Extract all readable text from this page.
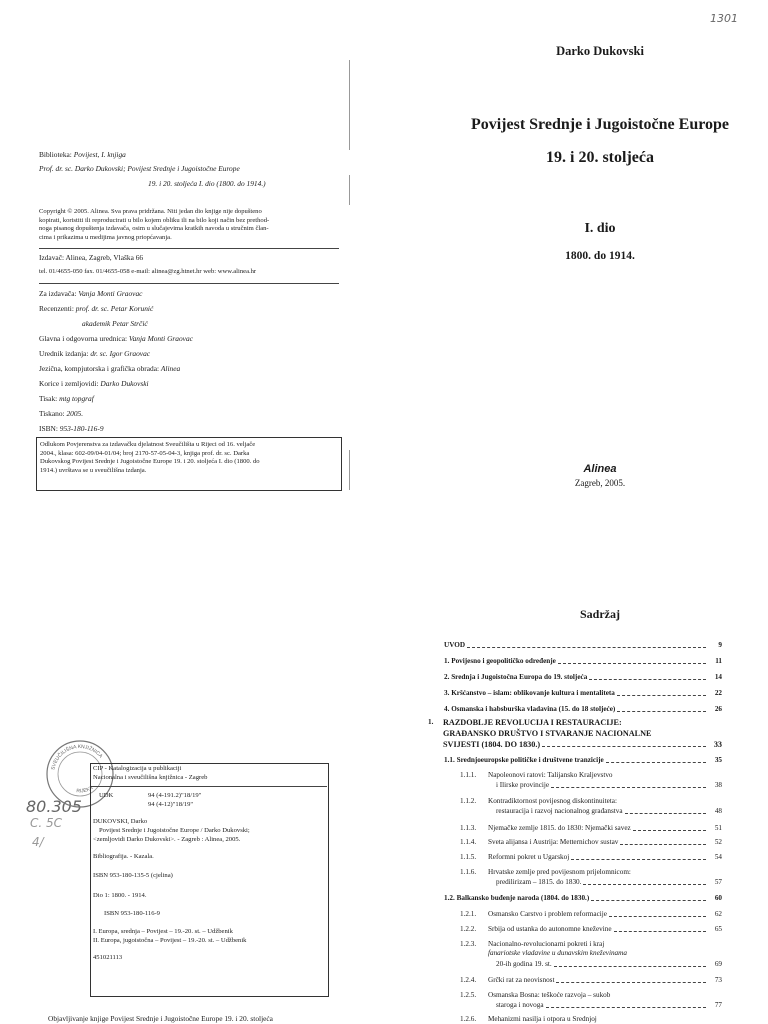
1301
80.305
C. 5C
4/
Darko Dukovski
Povijest Srednje i Jugoistočne Europe
19. i 20. stoljeća
I. dio
1800. do 1914.
Alinea
Zagreb, 2005.
Biblioteka: Povijest, I. knjiga
Prof. dr. sc. Darko Dukovski; Povijest Srednje i Jugoistočne Europe
19. i 20. stoljeća I. dio (1800. do 1914.)
Copyright © 2005. Alinea. Sva prava pridržana. Niti jedan dio knjige nije dopušteno
kopirati, koristiti ili reproducirati u bilo kojem obliku ili na bilo koji način bez prethod-
noga pisanog dopuštenja izdavača, osim u slučajevima kratkih navoda u stručnim član-
cima i prikazima u medijima javnog priopćavanja.
Izdavač: Alinea, Zagreb, Vlaška 66
tel. 01/4655-050 fax. 01/4655-058 e-mail: alinea@zg.htnet.hr web: www.alinea.hr
Za izdavača: Vanja Monti Graovac
Recenzenti: prof. dr. sc. Petar Korunić
akademik Petar Strčić
Glavna i odgovorna urednica: Vanja Monti Graovac
Urednik izdanja: dr. sc. Igor Graovac
Jezična, kompjutorska i grafička obrada: Alinea
Korice i zemljovidi: Darko Dukovski
Tisak: mtg topgraf
Tiskano: 2005.
ISBN: 953-180-116-9
Odlukom Povjerenstva za izdavačku djelatnost Sveučilišta u Rijeci od 16. veljače
2004., klasa: 602-09/04-01/04; broj 2170-57-05-04-3, knjiga prof. dr. sc. Darka
Dukovskog Povijest Srednje i Jugoistočne Europe 19. i 20. stoljeća I. dio (1800. do
1914.) uvrštava se u sveučilišna izdanja.
SVEUČILIŠNA KNJIŽNICA
RIJEKA
CIP - Katalogizacija u publikaciji
Nacionalna i sveučilišna knjižnica - Zagreb
UDK	94 (4-191.2)"18/19"
94 (4-12)"18/19"
DUKOVSKI, Darko
Povijest Srednje i Jugoistočne Europe / Darko Dukovski;
<zemljovidi Darko Dukovski>. - Zagreb : Alinea, 2005.
Bibliografija. - Kazala.
ISBN 953-180-135-5 (cjelina)
Dio 1: 1800. - 1914.
ISBN 953-180-116-9
I. Europa, srednja – Povijest – 19.-20. st. – Udžbenik
II. Europa, jugoistočna – Povijest – 19.-20. st. – Udžbenik
451021113
Objavljivanje knjige Povijest Srednje i Jugoistočne Europe 19. i 20. stoljeća
Sadržaj
UVOD	9
1.
Povijesno i geopolitičko određenje	11
2.
Srednja i Jugoistočna Europa do 19. stoljeća	14
3.
Kršćanstvo – islam: oblikovanje kultura i mentaliteta	22
4.
Osmanska i habsburška vladavina (15. do 18 stoljeće)	26
1. RAZDOBLJE REVOLUCIJA I RESTAURACIJE:
GRAĐANSKO DRUŠTVO I STVARANJE NACIONALNE
SVIJESTI (1804. DO 1830.)	33
1.1.
Srednjoeuropske političke i društvene tranzicije	35
1.1.1. Napoleonovi ratovi: Talijansko Kraljevstvo
i Ilirske provincije	38
1.1.2. Kontradiktornost povijesnog diskontinuiteta:
restauracija i razvoj nacionalnog građanstva	48
1.1.3.	Njemačke zemlje 1815. do 1830: Njemački savez	51
1.1.4.	Sveta alijansa i Austrija: Metternichov sustav	52
1.1.5.	Reformni pokret u Ugarskoj	54
1.1.6. Hrvatske zemlje pred povijesnom prijelomnicom:
predilirizam – 1815. do 1830.	57
1.2.
Balkansko buđenje naroda (1804. do 1830.)	60
1.2.1.	Osmansko Carstvo i problem reformacije	62
1.2.2.	Srbija od ustanka do autonomne kneževine	65
1.2.3. Nacionalno-revolucionarni pokreti i kraj
fanariotske vladavine u dunavskim kneževinama
20-ih godina 19. st.	69
1.2.4.	Grčki rat za neovisnost	73
1.2.5. Osmanska Bosna: teškoće razvoja – sukob
staroga i novoga	77
1.2.6. Mehanizmi nasilja i otpora u Srednjoj
